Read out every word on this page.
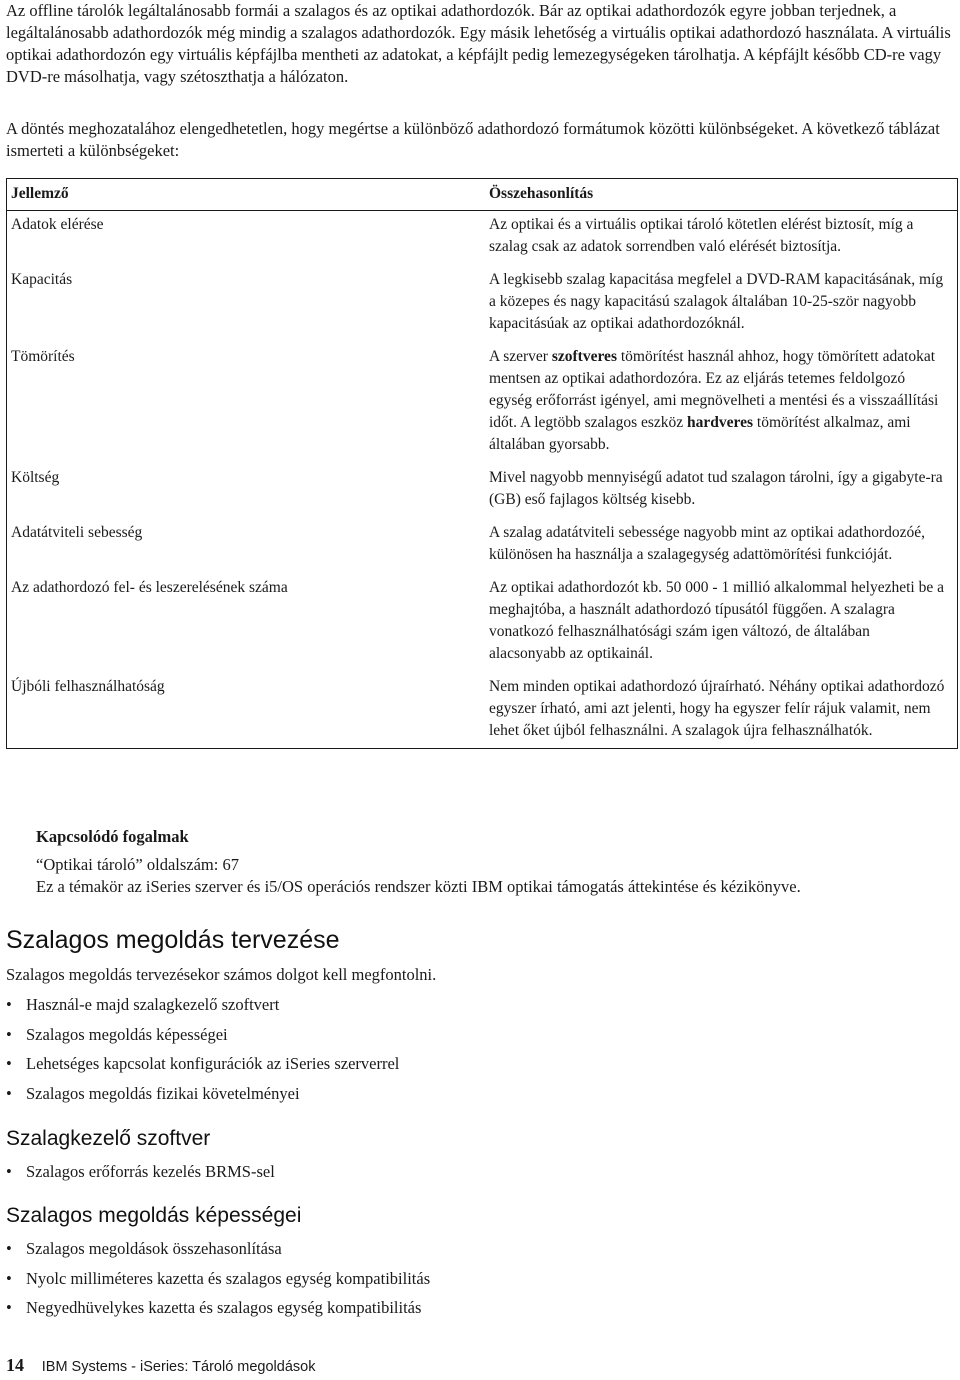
Az offline tárolók legáltalánosabb formái a szalagos és az optikai adathordozók. Bár az optikai adathordozók egyre jobban terjednek, a legáltalánosabb adathordozók még mindig a szalagos adathordozók. Egy másik lehetőség a virtuális optikai adathordozó használata. A virtuális optikai adathordozón egy virtuális képfájlba mentheti az adatokat, a képfájlt pedig lemezegységeken tárolhatja. A képfájlt később CD-re vagy DVD-re másolhatja, vagy szétoszthatja a hálózaton.

A döntés meghozatalához elengedhetetlen, hogy megértse a különböző adathordozó formátumok közötti különbségeket. A következő táblázat ismerteti a különbségeket:

Jellemző	Összehasonlítás
Adatok elérése	Az optikai és a virtuális optikai tároló kötetlen elérést biztosít, míg a szalag csak az adatok sorrendben való elérését biztosítja.
Kapacitás	A legkisebb szalag kapacitása megfelel a DVD-RAM kapacitásának, míg a közepes és nagy kapacitású szalagok általában 10-25-ször nagyobb kapacitásúak az optikai adathordozóknál.
Tömörítés	A szerver szoftveres tömörítést használ ahhoz, hogy tömörített adatokat mentsen az optikai adathordozóra. Ez az eljárás tetemes feldolgozó egység erőforrást igényel, ami megnövelheti a mentési és a visszaállítási időt. A legtöbb szalagos eszköz hardveres tömörítést alkalmaz, ami általában gyorsabb.
Költség	Mivel nagyobb mennyiségű adatot tud szalagon tárolni, így a gigabyte-ra (GB) eső fajlagos költség kisebb.
Adatátviteli sebesség	A szalag adatátviteli sebessége nagyobb mint az optikai adathordozóé, különösen ha használja a szalagegység adattömörítési funkcióját.
Az adathordozó fel- és leszerelésének száma	Az optikai adathordozót kb. 50 000 - 1 millió alkalommal helyezheti be a meghajtóba, a használt adathordozó típusától függően. A szalagra vonatkozó felhasználhatósági szám igen változó, de általában alacsonyabb az optikainál.
Újbóli felhasználhatóság	Nem minden optikai adathordozó újraírható. Néhány optikai adathordozó egyszer írható, ami azt jelenti, hogy ha egyszer felír rájuk valamit, nem lehet őket újból felhasználni. A szalagok újra felhasználhatók.
Kapcsolódó fogalmak
“Optikai tároló” oldalszám: 67
Ez a témakör az iSeries szerver és i5/OS operációs rendszer közti IBM optikai támogatás áttekintése és kézikönyve.
Szalagos megoldás tervezése

Szalagos megoldás tervezésekor számos dolgot kell megfontolni.

• Használ-e majd szalagkezelő szoftvert
• Szalagos megoldás képességei
• Lehetséges kapcsolat konfigurációk az iSeries szerverrel
• Szalagos megoldás fizikai követelményei
Szalagkezelő szoftver
• Szalagos erőforrás kezelés BRMS-sel
Szalagos megoldás képességei
• Szalagos megoldások összehasonlítása
• Nyolc milliméteres kazetta és szalagos egység kompatibilitás
• Negyedhüvelykes kazetta és szalagos egység kompatibilitás
14 IBM Systems - iSeries: Tároló megoldások
